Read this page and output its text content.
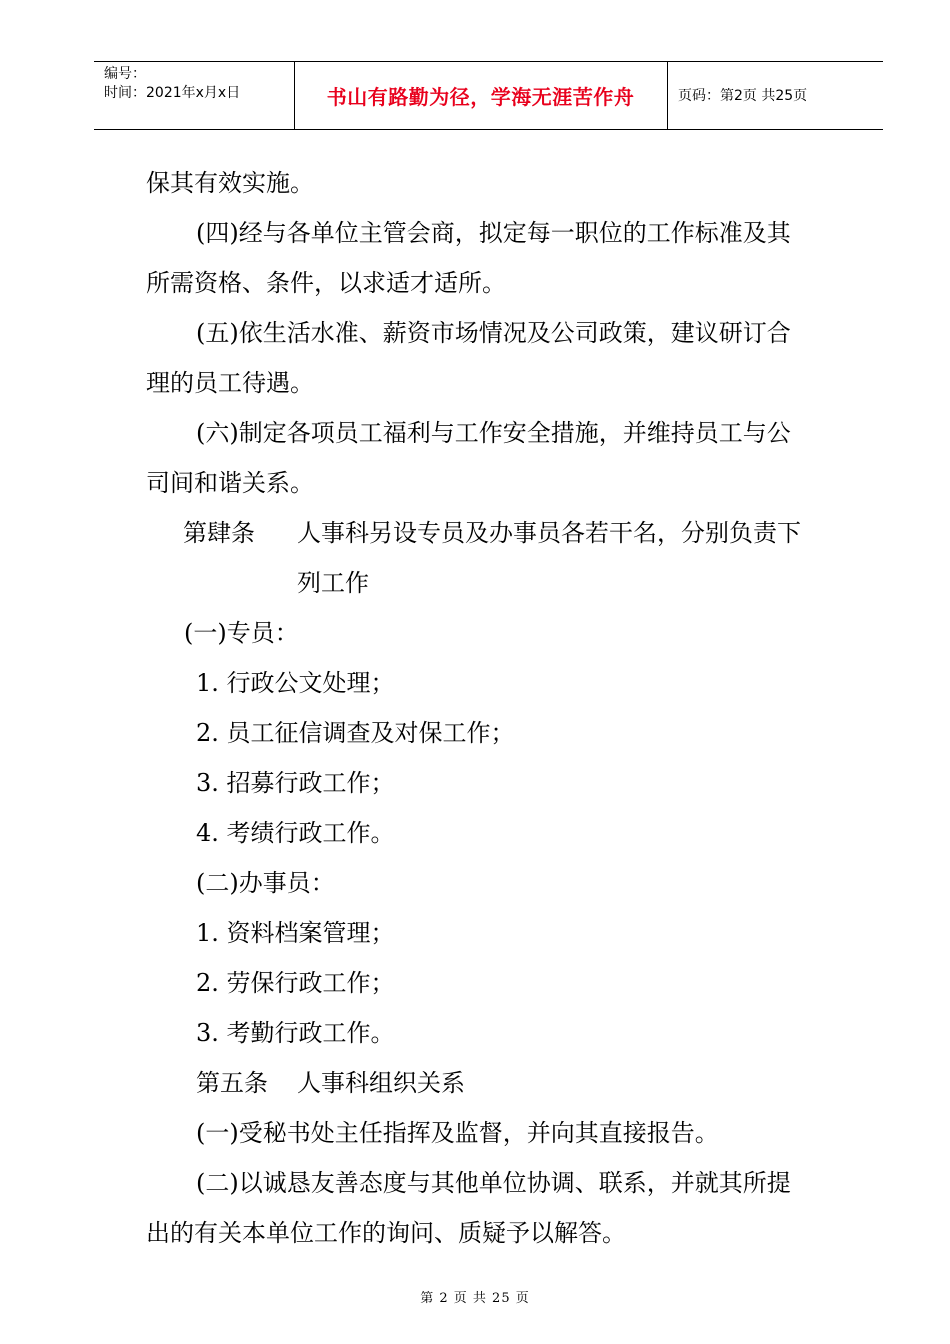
编号：
时间：2021年x月x日	书山有路勤为径，学海无涯苦作舟	页码：第2页 共25页
保其有效实施。
(四)经与各单位主管会商，拟定每一职位的工作标准及其
所需资格、条件，以求适才适所。
(五)依生活水准、薪资市场情况及公司政策，建议研订合
理的员工待遇。
(六)制定各项员工福利与工作安全措施，并维持员工与公
司间和谐关系。
第肆条 人事科另设专员及办事员各若干名，分别负责下
列工作
(一)专员：
1. 行政公文处理；
2. 员工征信调查及对保工作；
3. 招募行政工作；
4. 考绩行政工作。
(二)办事员：
1. 资料档案管理；
2. 劳保行政工作；
3. 考勤行政工作。
第五条 人事科组织关系
(一)受秘书处主任指挥及监督，并向其直接报告。
(二)以诚恳友善态度与其他单位协调、联系，并就其所提
出的有关本单位工作的询问、质疑予以解答。
第 2 页 共 25 页
